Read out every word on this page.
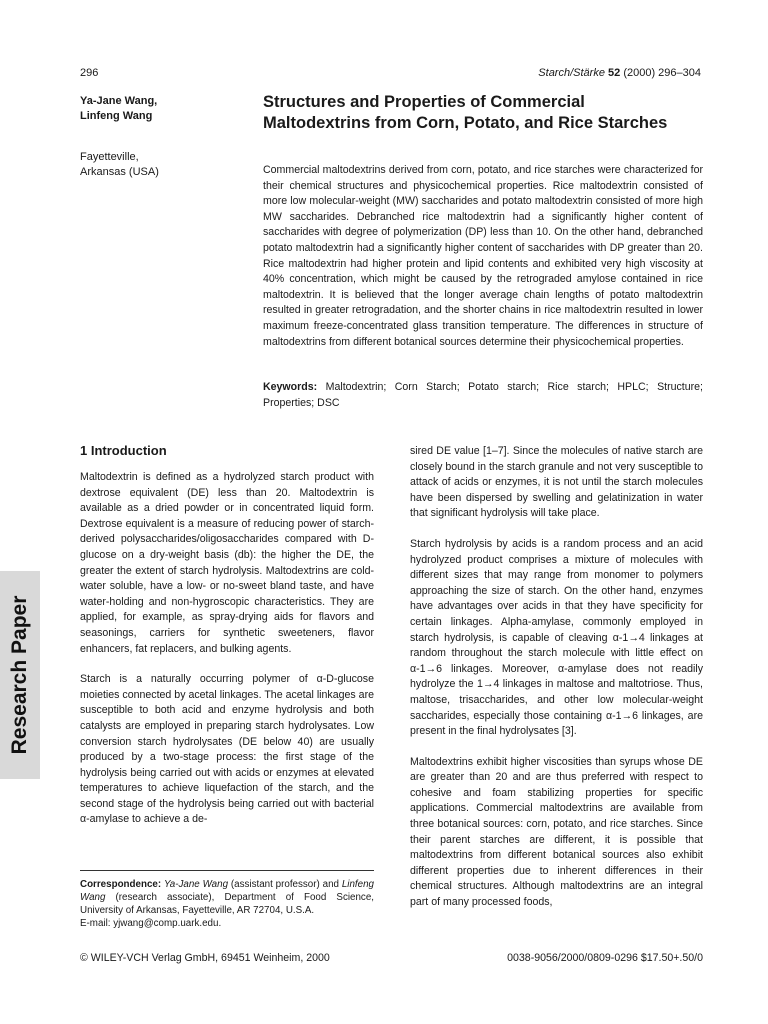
296	Starch/Stärke 52 (2000) 296–304
Ya-Jane Wang,
Linfeng Wang
Fayetteville,
Arkansas (USA)
Structures and Properties of Commercial Maltodextrins from Corn, Potato, and Rice Starches

Commercial maltodextrins derived from corn, potato, and rice starches were characterized for their chemical structures and physicochemical properties. Rice maltodextrin consisted of more low molecular-weight (MW) saccharides and potato maltodextrin consisted of more high MW saccharides. Debranched rice maltodextrin had a significantly higher content of saccharides with degree of polymerization (DP) less than 10. On the other hand, debranched potato maltodextrin had a significantly higher content of saccharides with DP greater than 20. Rice maltodextrin had higher protein and lipid contents and exhibited very high viscosity at 40% concentration, which might be caused by the retrograded amylose contained in rice maltodextrin. It is believed that the longer average chain lengths of potato maltodextrin resulted in greater retrogradation, and the shorter chains in rice maltodextrin resulted in lower maximum freeze-concentrated glass transition temperature. The differences in structure of maltodextrins from different botanical sources determine their physicochemical properties.

Keywords: Maltodextrin; Corn Starch; Potato starch; Rice starch; HPLC; Structure; Properties; DSC

1 Introduction

Maltodextrin is defined as a hydrolyzed starch product with dextrose equivalent (DE) less than 20. Maltodextrin is available as a dried powder or in concentrated liquid form. Dextrose equivalent is a measure of reducing power of starch-derived polysaccharides/oligosaccharides compared with D-glucose on a dry-weight basis (db): the higher the DE, the greater the extent of starch hydrolysis. Maltodextrins are cold-water soluble, have a low- or no-sweet bland taste, and have water-holding and non-hygroscopic characteristics. They are applied, for example, as spray-drying aids for flavors and seasonings, carriers for synthetic sweeteners, flavor enhancers, fat replacers, and bulking agents.

Starch is a naturally occurring polymer of α-D-glucose moieties connected by acetal linkages. The acetal linkages are susceptible to both acid and enzyme hydrolysis and both catalysts are employed in preparing starch hydrolysates. Low conversion starch hydrolysates (DE below 40) are usually produced by a two-stage process: the first stage of the hydrolysis being carried out with acids or enzymes at elevated temperatures to achieve liquefaction of the starch, and the second stage of the hydrolysis being carried out with bacterial α-amylase to achieve a de-

sired DE value [1–7]. Since the molecules of native starch are closely bound in the starch granule and not very susceptible to attack of acids or enzymes, it is not until the starch molecules have been dispersed by swelling and gelatinization in water that significant hydrolysis will take place.

Starch hydrolysis by acids is a random process and an acid hydrolyzed product comprises a mixture of molecules with different sizes that may range from monomer to polymers approaching the size of starch. On the other hand, enzymes have advantages over acids in that they have specificity for certain linkages. Alpha-amylase, commonly employed in starch hydrolysis, is capable of cleaving α-1→4 linkages at random throughout the starch molecule with little effect on α-1→6 linkages. Moreover, α-amylase does not readily hydrolyze the 1→4 linkages in maltose and maltotriose. Thus, maltose, trisaccharides, and other low molecular-weight saccharides, especially those containing α-1→6 linkages, are present in the final hydrolysates [3].

Maltodextrins exhibit higher viscosities than syrups whose DE are greater than 20 and are thus preferred with respect to cohesive and foam stabilizing properties for specific applications. Commercial maltodextrins are available from three botanical sources: corn, potato, and rice starches. Since their parent starches are different, it is possible that maltodextrins from different botanical sources also exhibit different properties due to inherent differences in their chemical structures. Although maltodextrins are an integral part of many processed foods,

Correspondence: Ya-Jane Wang (assistant professor) and Linfeng Wang (research associate), Department of Food Science, University of Arkansas, Fayetteville, AR 72704, U.S.A.
E-mail: yjwang@comp.uark.edu.

© WILEY-VCH Verlag GmbH, 69451 Weinheim, 2000	0038-9056/2000/0809-0296 $17.50+.50/0
Research Paper
